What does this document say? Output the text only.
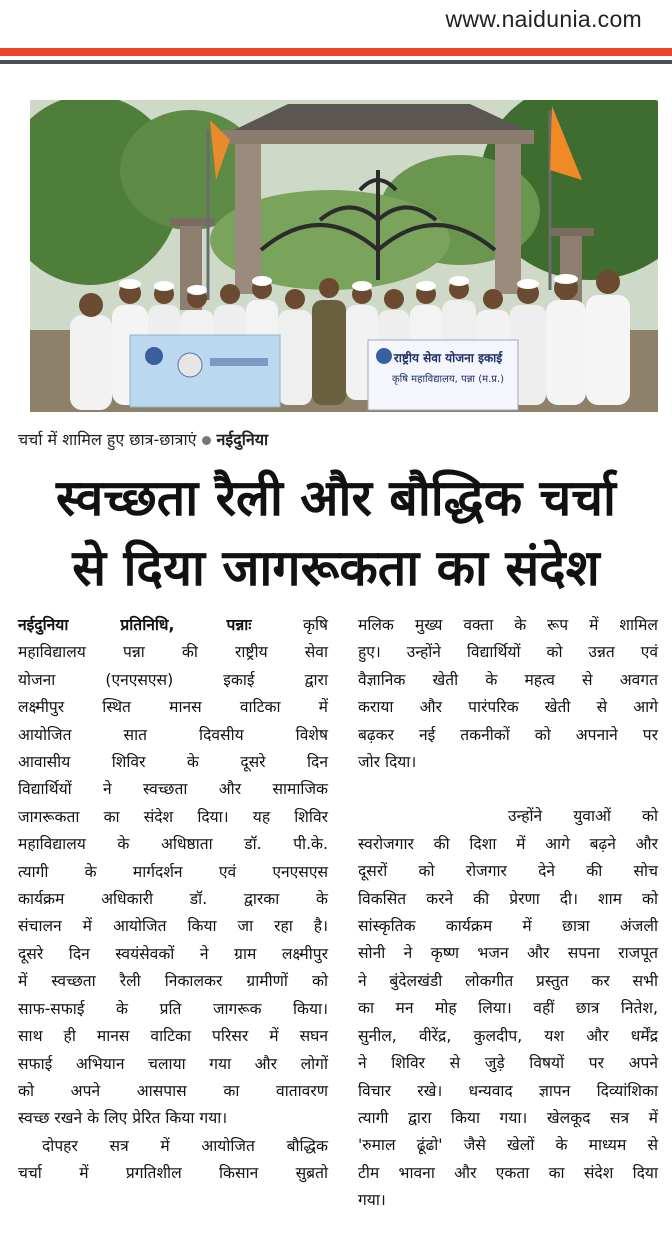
www.naidunia.com
राष्ट्रीय सेवा योजना इकाई
कृषि महाविद्यालय, पन्ना (म.प्र.)
चर्चा में शामिल हुए छात्र-छात्राएं नईदुनिया
स्वच्छता रैली और बौद्धिक चर्चा
से दिया जागरूकता का संदेश

नईदुनिया प्रतिनिधि, पन्नाः	कृषि

महाविद्यालय पन्ना की राष्ट्रीय सेवा

योजना (एनएसएस) इकाई द्वारा

लक्ष्मीपुर स्थित मानस वाटिका में

आयोजित सात दिवसीय विशेष

आवासीय शिविर के दूसरे दिन

विद्यार्थियों ने स्वच्छता और सामाजिक

जागरूकता का संदेश दिया। यह शिविर

महाविद्यालय के अधिष्ठाता डॉ. पी.के.

त्यागी के मार्गदर्शन एवं एनएसएस

कार्यक्रम अधिकारी डॉ. द्वारका के

संचालन में आयोजित किया जा रहा है।

दूसरे दिन स्वयंसेवकों ने ग्राम लक्ष्मीपुर

में स्वच्छता रैली निकालकर ग्रामीणों को

साफ-सफाई के प्रति जागरूक किया।

साथ ही मानस वाटिका परिसर में सघन

सफाई अभियान चलाया गया और लोगों

को अपने आसपास का वातावरण

स्वच्छ रखने के लिए प्रेरित किया गया।

दोपहर सत्र में आयोजित बौद्धिक

चर्चा में प्रगतिशील किसान सुब्रतो

मलिक मुख्य वक्ता के रूप में शामिल

हुए। उन्होंने विद्यार्थियों को उन्नत एवं

वैज्ञानिक खेती के महत्व से अवगत

कराया और पारंपरिक खेती से आगे

बढ़कर नई तकनीकों को अपनाने पर

जोर दिया।

उन्होंने युवाओं को

स्वरोजगार की दिशा में आगे बढ़ने और

दूसरों को रोजगार देने की सोच

विकसित करने की प्रेरणा दी। शाम को

सांस्कृतिक कार्यक्रम में छात्रा अंजली

सोनी ने कृष्ण भजन और सपना राजपूत

ने बुंदेलखंडी लोकगीत प्रस्तुत कर सभी

का मन मोह लिया। वहीं छात्र नितेश,

सुनील, वीरेंद्र, कुलदीप, यश और धर्मेंद्र

ने शिविर से जुड़े विषयों पर अपने

विचार रखे। धन्यवाद ज्ञापन दिव्यांशिका

त्यागी द्वारा किया गया। खेलकूद सत्र में

'रुमाल ढूंढो' जैसे खेलों के माध्यम से

टीम भावना और एकता का संदेश दिया

गया।
